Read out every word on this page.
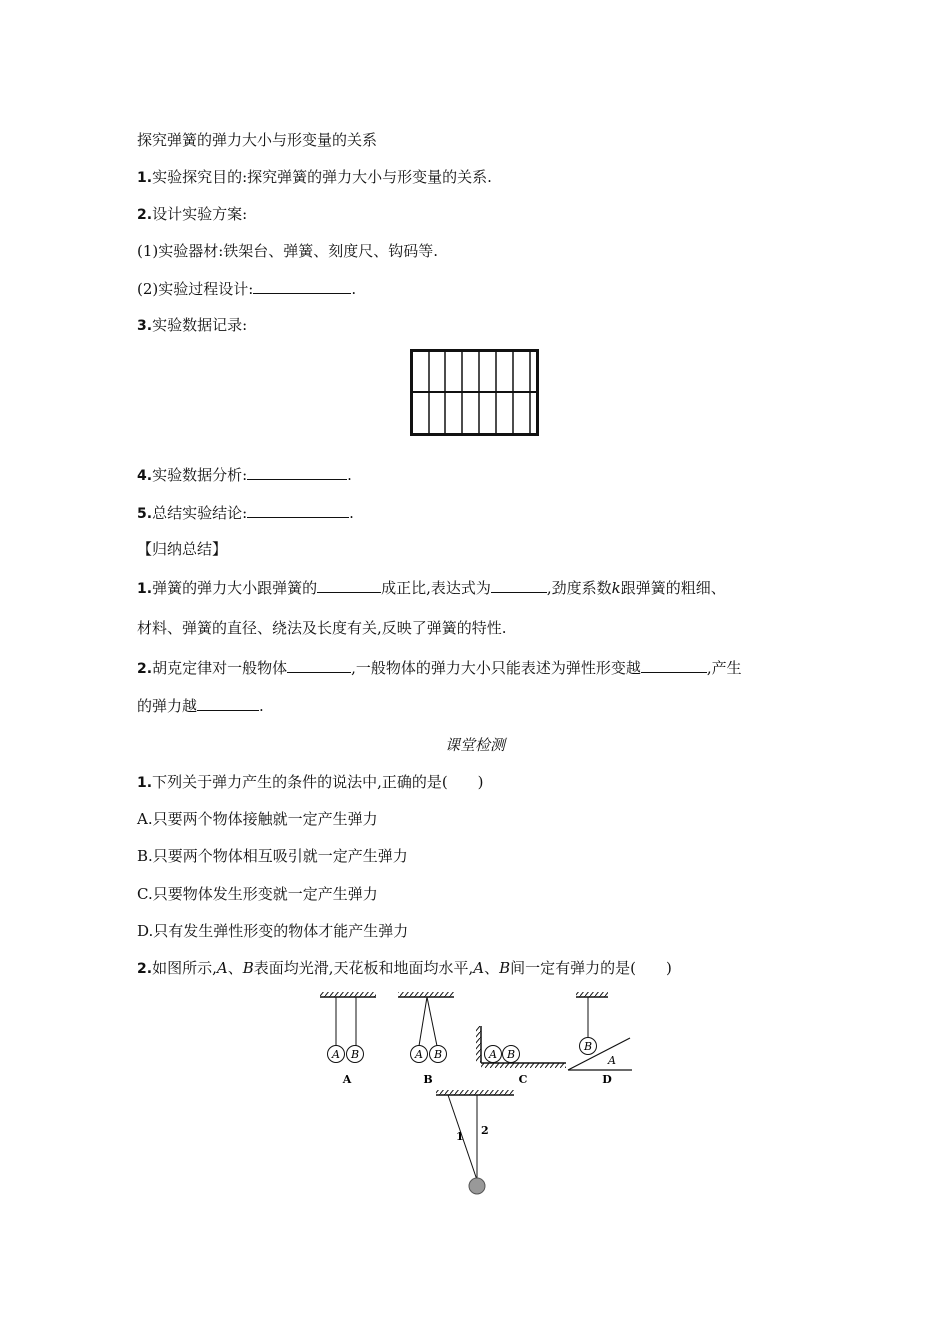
探究弹簧的弹力大小与形变量的关系
1.实验探究目的:探究弹簧的弹力大小与形变量的关系.
2.设计实验方案:
(1)实验器材:铁架台、弹簧、刻度尺、钩码等.
(2)实验过程设计:	.
3.实验数据记录:
4.实验数据分析:	.
5.总结实验结论:	.
【归纳总结】
1.弹簧的弹力大小跟弹簧的	成正比,表达式为	,劲度系数k跟弹簧的粗细、
材料、弹簧的直径、绕法及长度有关,反映了弹簧的特性.
2.胡克定律对一般物体	,一般物体的弹力大小只能表述为弹性形变越	,产生
的弹力越	.
课堂检测
1.下列关于弹力产生的条件的说法中,正确的是(　　)
A.只要两个物体接触就一定产生弹力
B.只要两个物体相互吸引就一定产生弹力
C.只要物体发生形变就一定产生弹力
D.只有发生弹性形变的物体才能产生弹力
2.如图所示,A、B表面均光滑,天花板和地面均水平,A、B间一定有弹力的是(　　)
A B
A
A B
B
A B
C
B
A
D
1 2
